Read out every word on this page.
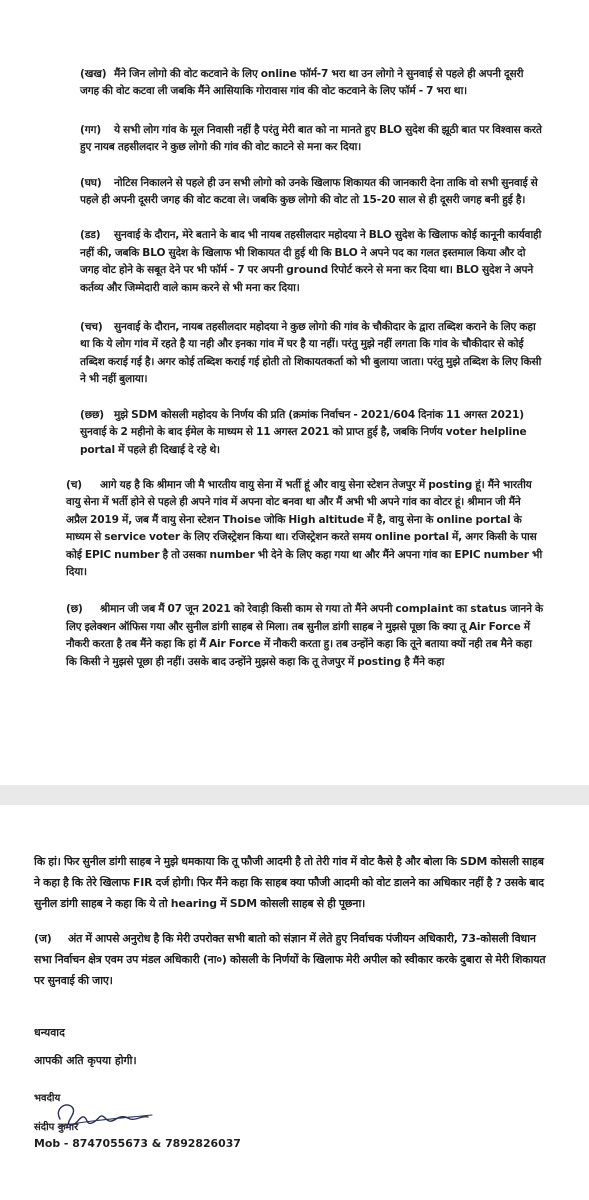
(खख) मैंने जिन लोगो की वोट कटवाने के लिए online फॉर्म-7 भरा था उन लोगो ने सुनवाई से पहले ही अपनी दूसरी जगह की वोट कटवा ली जबकि मैंने आसियाकि गोरावास गांव की वोट कटवाने के लिए फॉर्म - 7 भरा था।

(गग) ये सभी लोग गांव के मूल निवासी नहीं है परंतु मेरी बात को ना मानते हुए BLO सुदेश की झूठी बात पर विश्वास करते हुए नायब तहसीलदार ने कुछ लोगो की गांव की वोट काटने से मना कर दिया।

(घघ) नोटिस निकालने से पहले ही उन सभी लोगो को उनके खिलाफ शिकायत की जानकारी देना ताकि वो सभी सुनवाई से पहले ही अपनी दूसरी जगह की वोट कटवा ले। जबकि कुछ लोगो की वोट तो 15-20 साल से ही दूसरी जगह बनी हुई है।

(डड) सुनवाई के दौरान, मेरे बताने के बाद भी नायब तहसीलदार महोदया ने BLO सुदेश के खिलाफ कोई कानूनी कार्यवाही नहीं की, जबकि BLO सुदेश के खिलाफ भी शिकायत दी हुई थी कि BLO ने अपने पद का गलत इस्तमाल किया और दो जगह वोट होने के सबूत देने पर भी फॉर्म - 7 पर अपनी ground रिपोर्ट करने से मना कर दिया था। BLO सुदेश ने अपने कर्तव्य और जिम्मेदारी वाले काम करने से भी मना कर दिया।

(चच) सुनवाई के दौरान, नायब तहसीलदार महोदया ने कुछ लोगो की गांव के चौकीदार के द्वारा तब्दिश कराने के लिए कहा था कि ये लोग गांव में रहते है या नही और इनका गांव में घर है या नहीं। परंतु मुझे नहीं लगता कि गांव के चौकीदार से कोई तब्दिश कराई गई है। अगर कोई तब्दिश कराई गई होती तो शिकायतकर्ता को भी बुलाया जाता। परंतु मुझे तब्दिश के लिए किसी ने भी नहीं बुलाया।

(छछ) मुझे SDM कोसली महोदय के निर्णय की प्रति (क्रमांक निर्वाचन - 2021/604 दिनांक 11 अगस्त 2021) सुनवाई के 2 महीनो के बाद ईमेल के माध्यम से 11 अगस्त 2021 को प्राप्त हुई है, जबकि निर्णय voter helpline portal में पहले ही दिखाई दे रहे थे।

(च) आगे यह है कि श्रीमान जी मै भारतीय वायु सेना में भर्ती हूं और वायु सेना स्टेशन तेजपुर में posting हूं। मैंने भारतीय वायु सेना में भर्ती होने से पहले ही अपने गांव में अपना वोट बनवा था और मैं अभी भी अपने गांव का वोटर हूं। श्रीमान जी मैंने अप्रैल 2019 में, जब मैं वायु सेना स्टेशन Thoise जोकि High altitude में है, वायु सेना के online portal के माध्यम से service voter के लिए रजिस्ट्रेशन किया था। रजिस्ट्रेशन करते समय online portal में, अगर किसी के पास कोई EPIC number है तो उसका number भी देने के लिए कहा गया था और मैंने अपना गांव का EPIC number भी दिया।

(छ) श्रीमान जी जब मैं 07 जून 2021 को रेवाड़ी किसी काम से गया तो मैंने अपनी complaint का status जानने के लिए इलेक्शन ऑफिस गया और सुनील डांगी साहब से मिला। तब सुनील डांगी साहब ने मुझसे पूछा कि क्या तू Air Force में नौकरी करता है तब मैंने कहा कि हां मैं Air Force में नौकरी करता हु। तब उन्होंने कहा कि तूने बताया क्यों नही तब मैने कहा कि किसी ने मुझसे पूछा ही नहीं। उसके बाद उन्होंने मुझसे कहा कि तू तेजपुर में posting है मैंने कहा

कि हां। फिर सुनील डांगी साहब ने मुझे धमकाया कि तू फौजी आदमी है तो तेरी गांव में वोट कैसे है और बोला कि SDM कोसली साहब ने कहा है कि तेरे खिलाफ FIR दर्ज होगी। फिर मैंने कहा कि साहब क्या फौजी आदमी को वोट डालने का अधिकार नहीं है ? उसके बाद सुनील डांगी साहब ने कहा कि ये तो hearing में SDM कोसली साहब से ही पूछना।

(ज) अंत में आपसे अनुरोध है कि मेरी उपरोक्त सभी बातो को संज्ञान में लेते हुए निर्वाचक पंजीयन अधिकारी, 73-कोसली विधान सभा निर्वाचन क्षेत्र एवम उप मंडल अधिकारी (ना०) कोसली के निर्णयों के खिलाफ मेरी अपील को स्वीकार करके दुबारा से मेरी शिकायत पर सुनवाई की जाए।

धन्यवाद

आपकी अति कृपया होगी।

भवदीय
संदीप कुमार
Mob - 8747055673 & 7892826037
